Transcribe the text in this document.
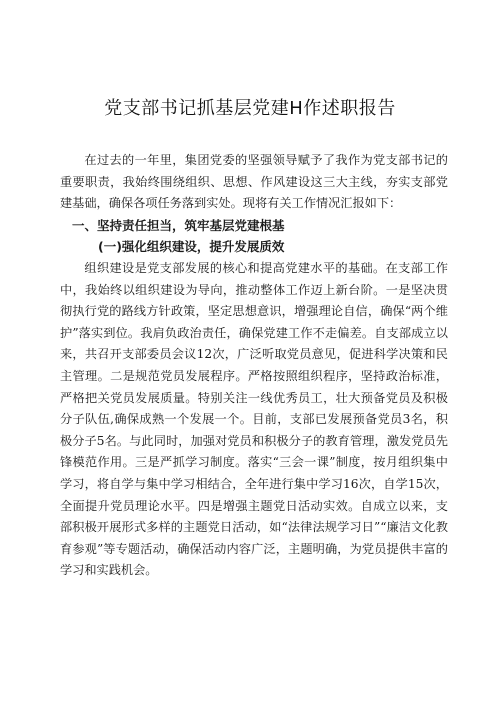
党支部书记抓基层党建H作述职报告

在过去的一年里，集团党委的坚强领导赋予了我作为党支部书记的重要职责，我始终围绕组织、思想、作风建设这三大主线，夯实支部党建基础，确保各项任务落到实处。现将有关工作情况汇报如下：

一、坚持责任担当，筑牢基层党建根基

(一)强化组织建设，提升发展质效

组织建设是党支部发展的核心和提高党建水平的基础。在支部工作中，我始终以组织建设为导向，推动整体工作迈上新台阶。一是坚决贯彻执行党的路线方针政策，坚定思想意识，增强理论自信，确保“两个维护”落实到位。我肩负政治责任，确保党建工作不走偏差。自支部成立以来，共召开支部委员会议12次，广泛听取党员意见，促进科学决策和民主管理。二是规范党员发展程序。严格按照组织程序，坚持政治标准，严格把关党员发展质量。特别关注一线优秀员工，壮大预备党员及积极分子队伍,确保成熟一个发展一个。目前，支部已发展预备党员3名，积极分子5名。与此同时，加强对党员和积极分子的教育管理，激发党员先锋模范作用。三是严抓学习制度。落实“三会一课”制度，按月组织集中学习，将自学与集中学习相结合，全年进行集中学习16次，自学15次，全面提升党员理论水平。四是增强主题党日活动实效。自成立以来，支部积极开展形式多样的主题党日活动，如“法律法规学习日”“廉洁文化教育参观”等专题活动，确保活动内容广泛，主题明确，为党员提供丰富的学习和实践机会。
